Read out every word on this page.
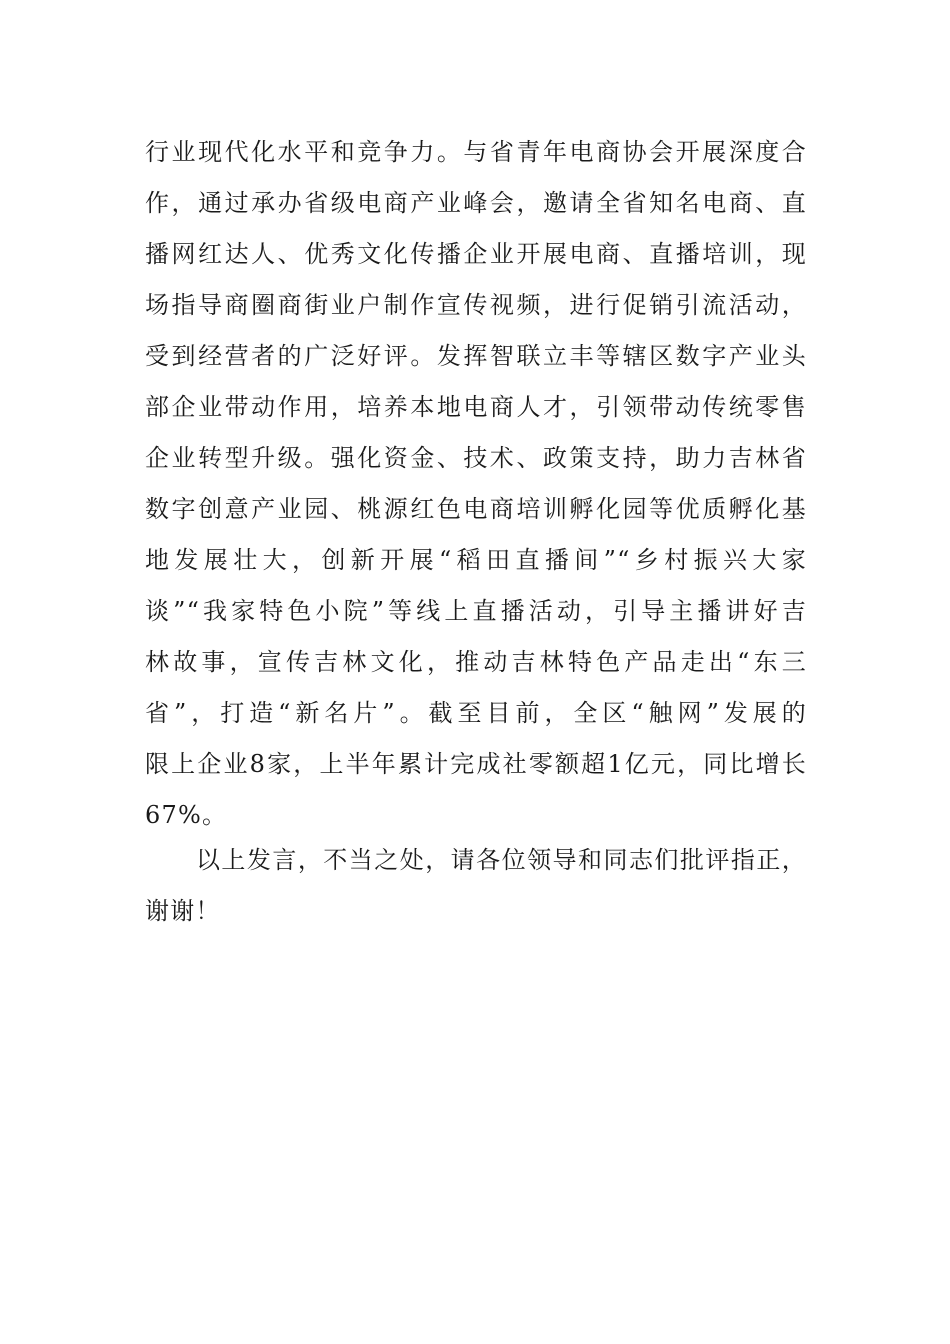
行业现代化水平和竞争力。与省青年电商协会开展深度合
作，通过承办省级电商产业峰会，邀请全省知名电商、直
播网红达人、优秀文化传播企业开展电商、直播培训，现
场指导商圈商街业户制作宣传视频，进行促销引流活动，
受到经营者的广泛好评。发挥智联立丰等辖区数字产业头
部企业带动作用，培养本地电商人才，引领带动传统零售
企业转型升级。强化资金、技术、政策支持，助力吉林省
数字创意产业园、桃源红色电商培训孵化园等优质孵化基
地发展壮大，创新开展“稻田直播间”“乡村振兴大家
谈”“我家特色小院”等线上直播活动，引导主播讲好吉
林故事，宣传吉林文化，推动吉林特色产品走出“东三
省”，打造“新名片”。截至目前，全区“触网”发展的
限上企业8家，上半年累计完成社零额超1亿元，同比增长
67%。
　　以上发言，不当之处，请各位领导和同志们批评指正，
谢谢！
